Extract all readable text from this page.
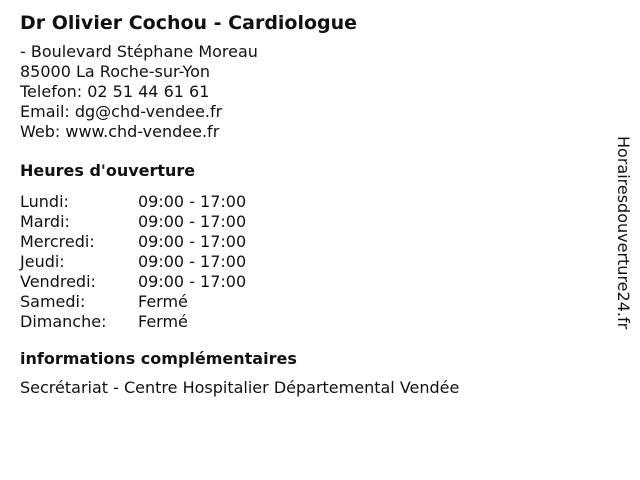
Dr Olivier Cochou - Cardiologue
- Boulevard Stéphane Moreau
85000 La Roche-sur-Yon
Telefon: 02 51 44 61 61
Email: dg@chd-vendee.fr
Web: www.chd-vendee.fr
Heures d'ouverture
Lundi:	09:00 - 17:00
Mardi:	09:00 - 17:00
Mercredi:	09:00 - 17:00
Jeudi:	09:00 - 17:00
Vendredi:	09:00 - 17:00
Samedi:	Fermé
Dimanche:	Fermé
informations complémentaires
Secrétariat - Centre Hospitalier Départemental Vendée
Horairesdouverture24.fr
